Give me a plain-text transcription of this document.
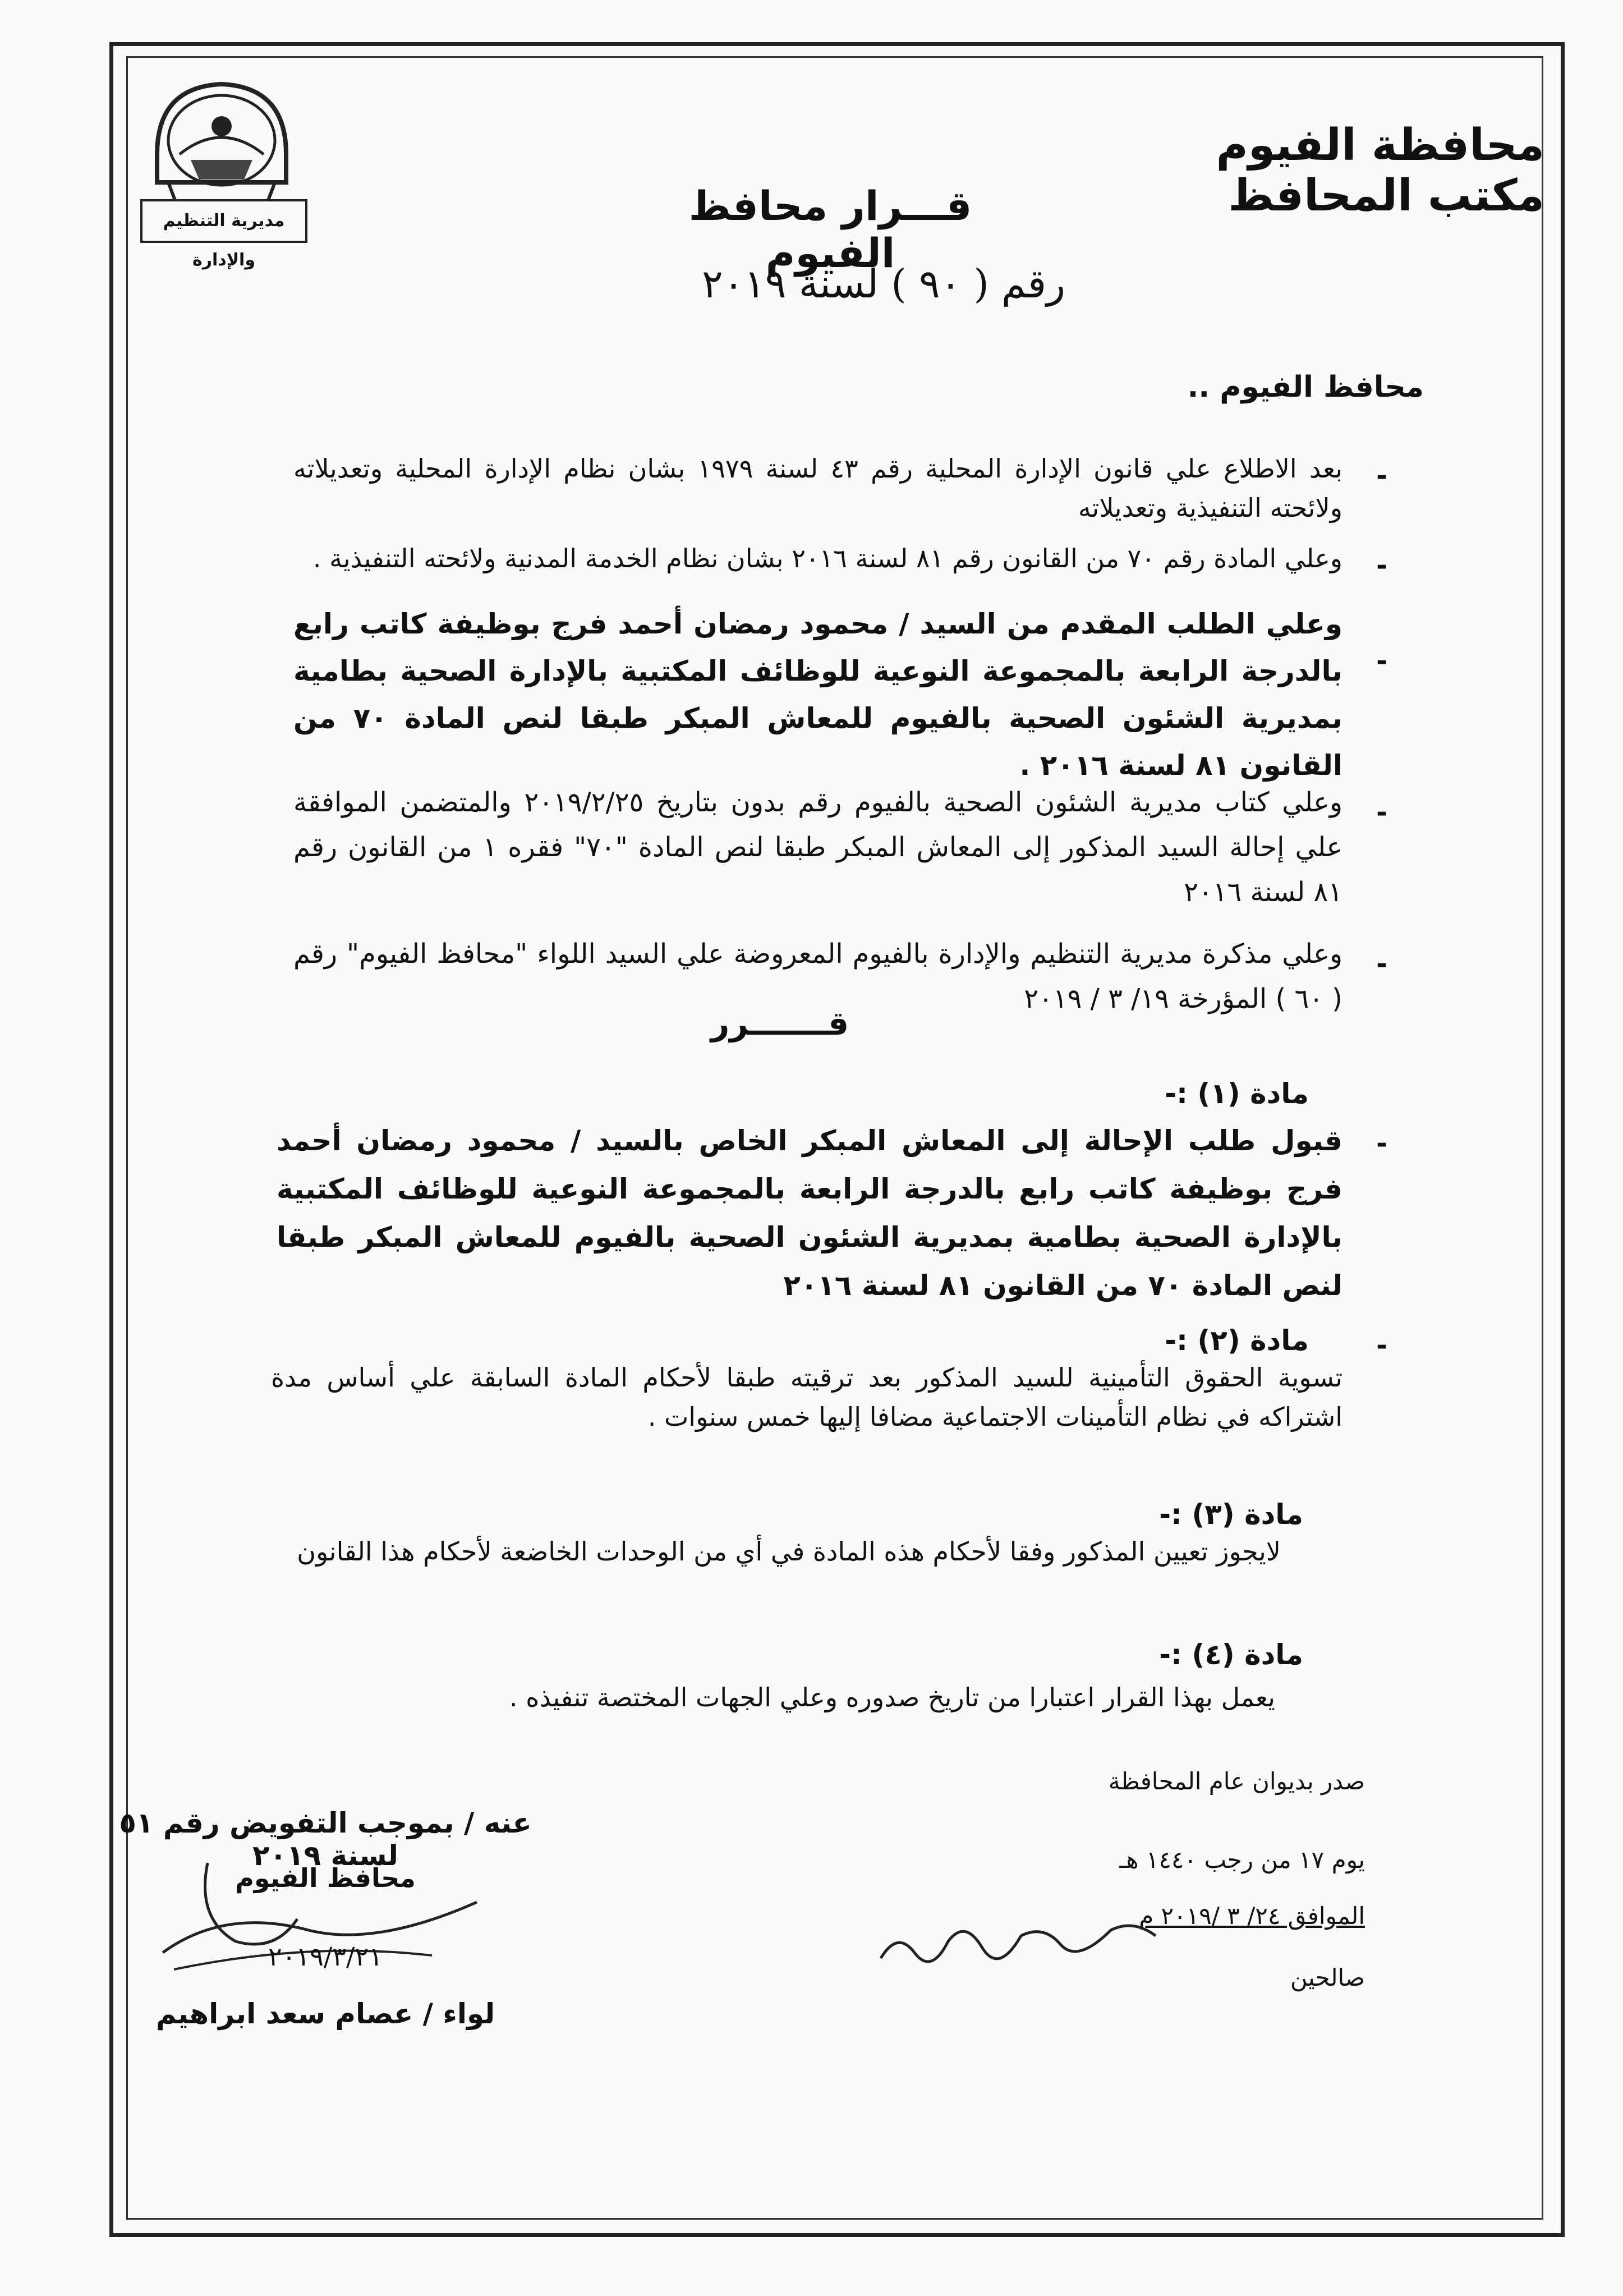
محافظة الفيوم
مكتب المحافظ
مديرية التنظيم والإدارة
قـــرار محافظ الفيوم
رقم ( ٩٠ ) لسنة ٢٠١٩
محافظ الفيوم ..
-
بعد الاطلاع علي قانون الإدارة المحلية رقم ٤٣ لسنة ١٩٧٩ بشان نظام الإدارة المحلية وتعديلاته ولائحته التنفيذية وتعديلاته
-
وعلي المادة رقم ٧٠ من القانون رقم ٨١ لسنة ٢٠١٦ بشان نظام الخدمة المدنية ولائحته التنفيذية .
-
وعلي الطلب المقدم من السيد / محمود رمضان أحمد فرج بوظيفة كاتب رابع بالدرجة الرابعة بالمجموعة النوعية للوظائف المكتبية بالإدارة الصحية بطامية بمديرية الشئون الصحية بالفيوم للمعاش المبكر طبقا لنص المادة ٧٠ من القانون ٨١ لسنة ٢٠١٦ .
-
وعلي كتاب مديرية الشئون الصحية بالفيوم رقم بدون بتاريخ ٢٠١٩/٢/٢٥ والمتضمن الموافقة علي إحالة السيد المذكور إلى المعاش المبكر طبقا لنص المادة "٧٠" فقره ١ من القانون رقم ٨١ لسنة ٢٠١٦
-
وعلي مذكرة مديرية التنظيم والإدارة بالفيوم المعروضة علي السيد اللواء "محافظ الفيوم" رقم ( ٦٠ ) المؤرخة ١٩/ ٣ / ٢٠١٩
قـــــــرر
مادة (١) :-
-
قبول طلب الإحالة إلى المعاش المبكر الخاص بالسيد / محمود رمضان أحمد فرج بوظيفة كاتب رابع بالدرجة الرابعة بالمجموعة النوعية للوظائف المكتبية بالإدارة الصحية بطامية بمديرية الشئون الصحية بالفيوم للمعاش المبكر طبقا لنص المادة ٧٠ من القانون ٨١ لسنة ٢٠١٦
-
مادة (٢) :-
تسوية الحقوق التأمينية للسيد المذكور بعد ترقيته طبقا لأحكام المادة السابقة علي أساس مدة اشتراكه في نظام التأمينات الاجتماعية مضافا إليها خمس سنوات .
مادة (٣) :-
لايجوز تعيين المذكور وفقا لأحكام هذه المادة في أي من الوحدات الخاضعة لأحكام هذا القانون
مادة (٤) :-
يعمل بهذا القرار اعتبارا من تاريخ صدوره وعلي الجهات المختصة تنفيذه .
صدر بديوان عام المحافظة
يوم ١٧ من رجب ١٤٤٠ هـ
الموافق ٢٤/ ٣ /٢٠١٩ م
صالحين
عنه / بموجب التفويض رقم ٥١ لسنة ٢٠١٩
محافظ الفيوم
٢٠١٩/٣/٢١
لواء / عصام سعد ابراهيم
